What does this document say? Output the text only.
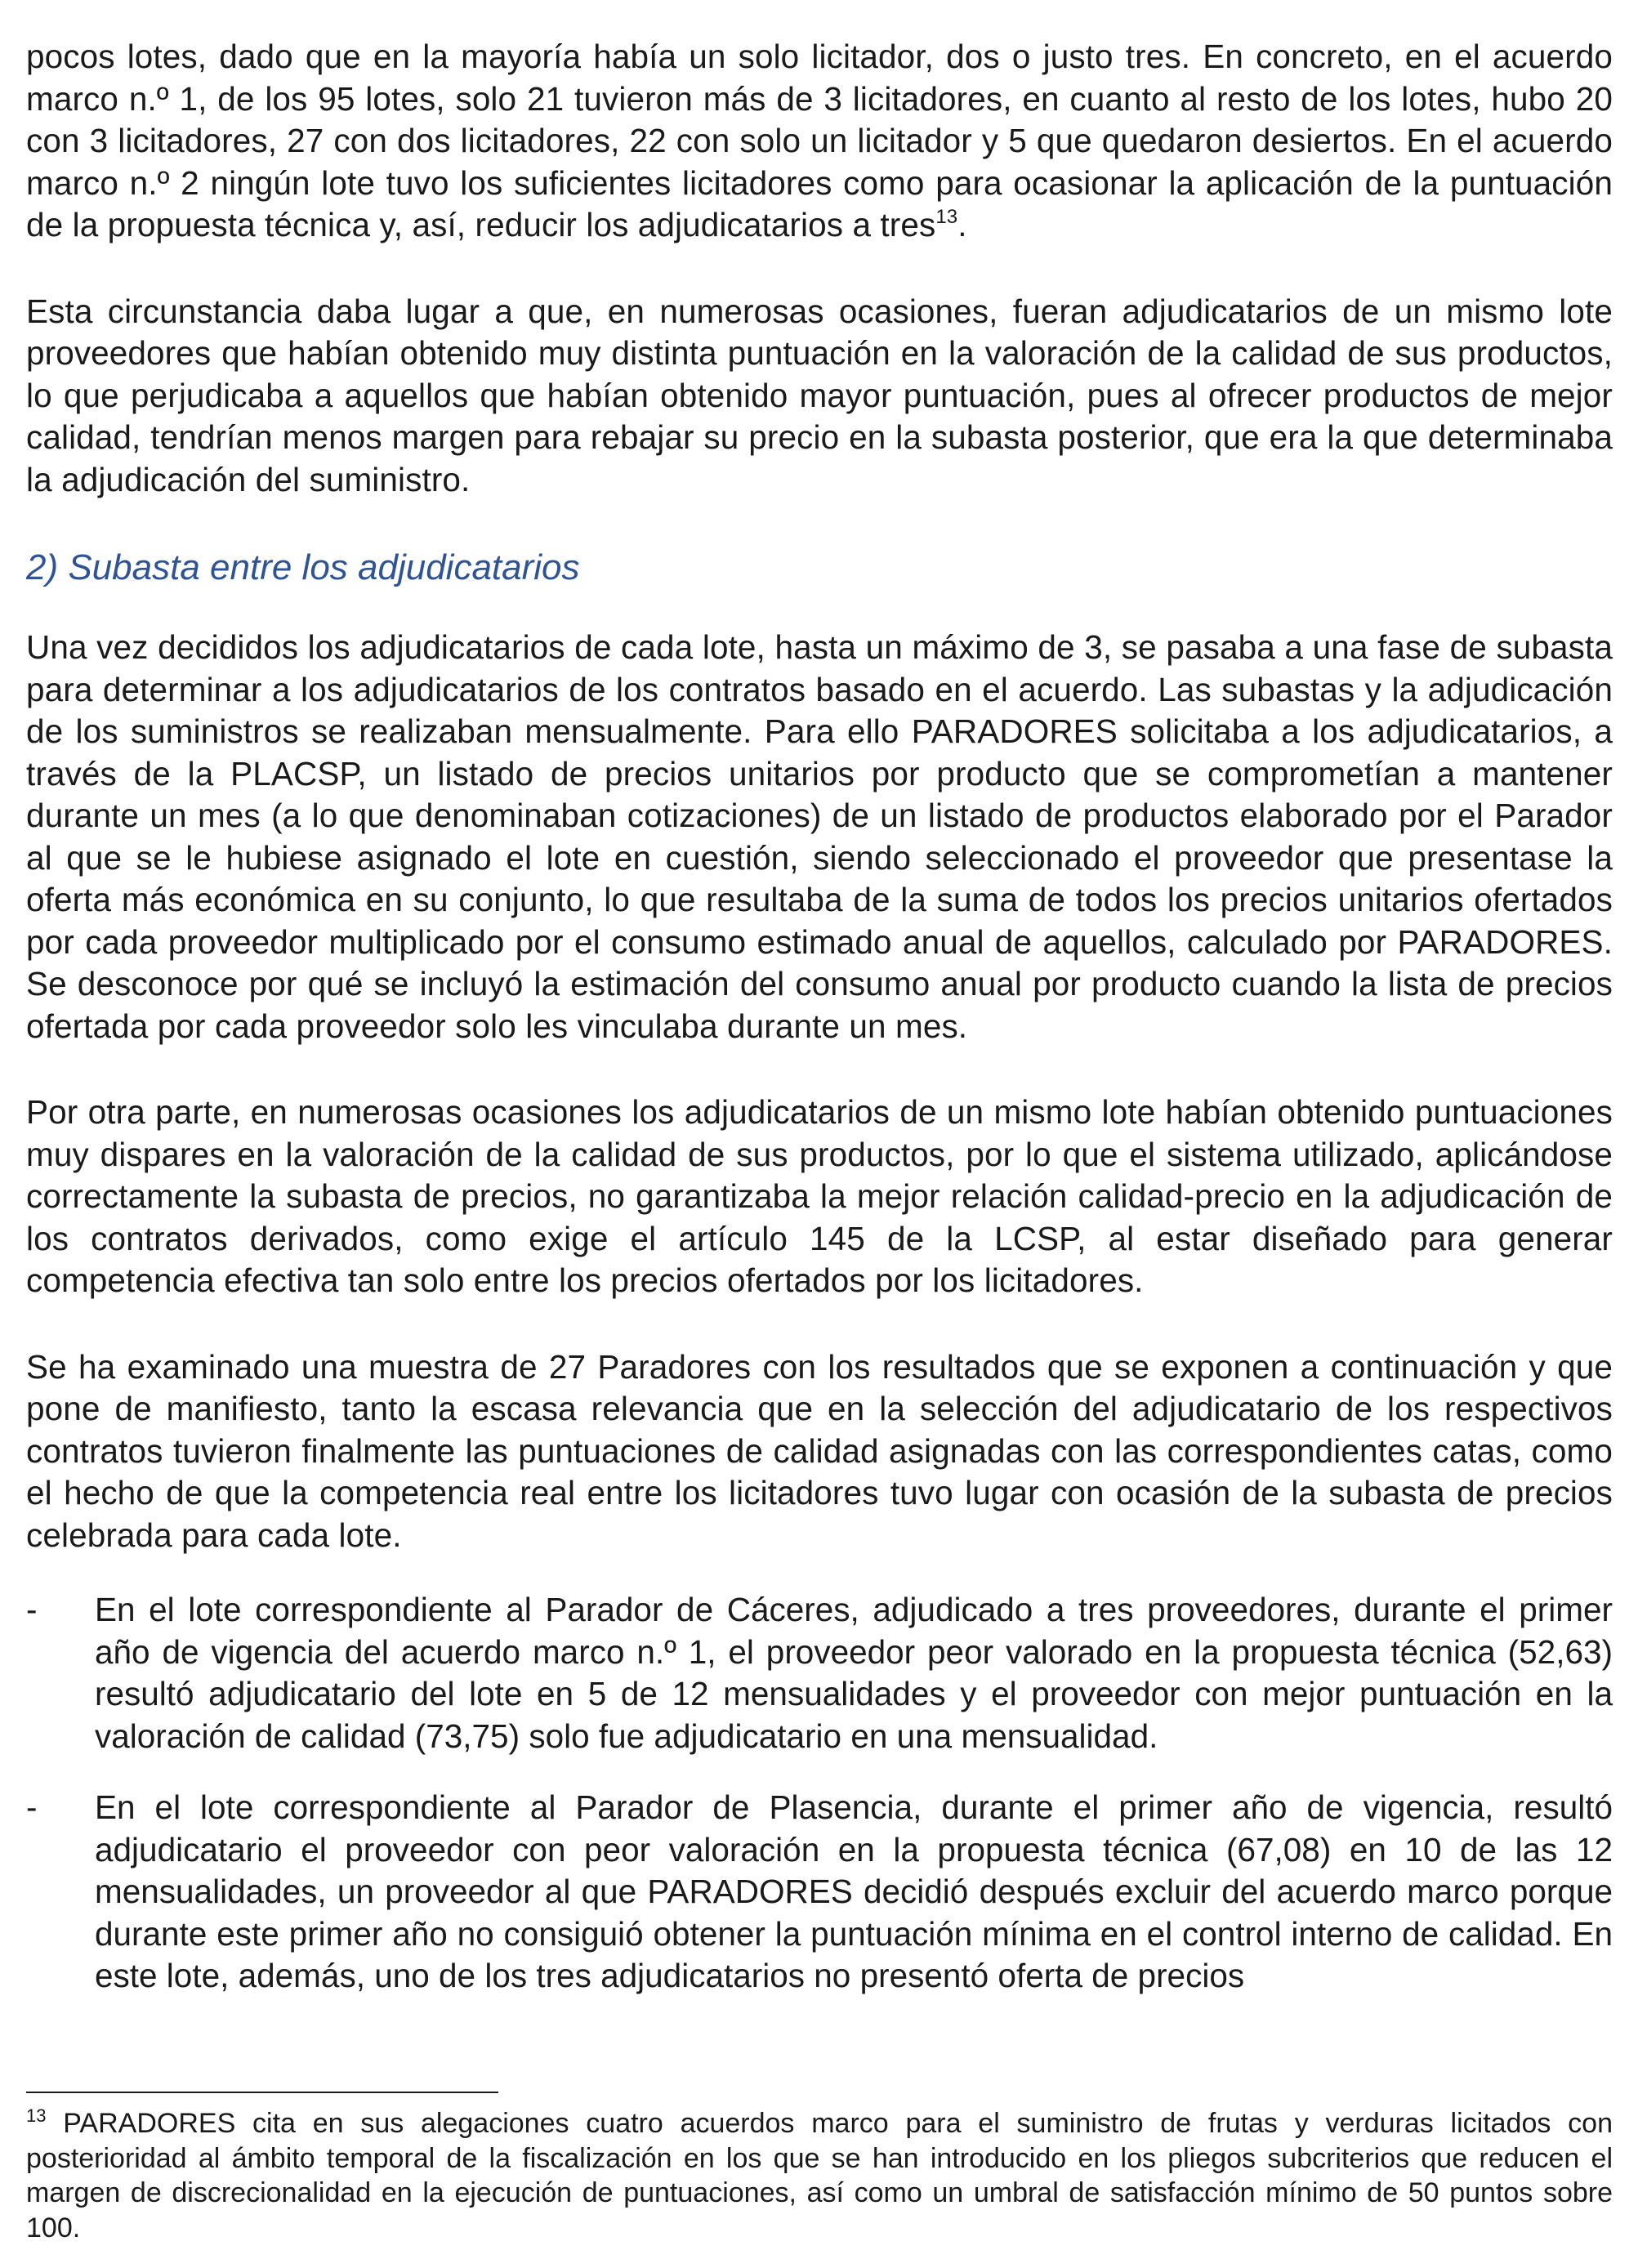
pocos lotes, dado que en la mayoría había un solo licitador, dos o justo tres. En concreto, en el acuerdo marco n.º 1, de los 95 lotes, solo 21 tuvieron más de 3 licitadores, en cuanto al resto de los lotes, hubo 20 con 3 licitadores, 27 con dos licitadores, 22 con solo un licitador y 5 que quedaron desiertos. En el acuerdo marco n.º 2 ningún lote tuvo los suficientes licitadores como para ocasionar la aplicación de la puntuación de la propuesta técnica y, así, reducir los adjudicatarios a tres$^{13}$.

Esta circunstancia daba lugar a que, en numerosas ocasiones, fueran adjudicatarios de un mismo lote proveedores que habían obtenido muy distinta puntuación en la valoración de la calidad de sus productos, lo que perjudicaba a aquellos que habían obtenido mayor puntuación, pues al ofrecer productos de mejor calidad, tendrían menos margen para rebajar su precio en la subasta posterior, que era la que determinaba la adjudicación del suministro.

2) Subasta entre los adjudicatarios

Una vez decididos los adjudicatarios de cada lote, hasta un máximo de 3, se pasaba a una fase de subasta para determinar a los adjudicatarios de los contratos basado en el acuerdo. Las subastas y la adjudicación de los suministros se realizaban mensualmente. Para ello PARADORES solicitaba a los adjudicatarios, a través de la PLACSP, un listado de precios unitarios por producto que se comprometían a mantener durante un mes (a lo que denominaban cotizaciones) de un listado de productos elaborado por el Parador al que se le hubiese asignado el lote en cuestión, siendo seleccionado el proveedor que presentase la oferta más económica en su conjunto, lo que resultaba de la suma de todos los precios unitarios ofertados por cada proveedor multiplicado por el consumo estimado anual de aquellos, calculado por PARADORES. Se desconoce por qué se incluyó la estimación del consumo anual por producto cuando la lista de precios ofertada por cada proveedor solo les vinculaba durante un mes.

Por otra parte, en numerosas ocasiones los adjudicatarios de un mismo lote habían obtenido puntuaciones muy dispares en la valoración de la calidad de sus productos, por lo que el sistema utilizado, aplicándose correctamente la subasta de precios, no garantizaba la mejor relación calidad-precio en la adjudicación de los contratos derivados, como exige el artículo 145 de la LCSP, al estar diseñado para generar competencia efectiva tan solo entre los precios ofertados por los licitadores.

Se ha examinado una muestra de 27 Paradores con los resultados que se exponen a continuación y que pone de manifiesto, tanto la escasa relevancia que en la selección del adjudicatario de los respectivos contratos tuvieron finalmente las puntuaciones de calidad asignadas con las correspondientes catas, como el hecho de que la competencia real entre los licitadores tuvo lugar con ocasión de la subasta de precios celebrada para cada lote.

- En el lote correspondiente al Parador de Cáceres, adjudicado a tres proveedores, durante el primer año de vigencia del acuerdo marco n.º 1, el proveedor peor valorado en la propuesta técnica (52,63) resultó adjudicatario del lote en 5 de 12 mensualidades y el proveedor con mejor puntuación en la valoración de calidad (73,75) solo fue adjudicatario en una mensualidad.
- En el lote correspondiente al Parador de Plasencia, durante el primer año de vigencia, resultó adjudicatario el proveedor con peor valoración en la propuesta técnica (67,08) en 10 de las 12 mensualidades, un proveedor al que PARADORES decidió después excluir del acuerdo marco porque durante este primer año no consiguió obtener la puntuación mínima en el control interno de calidad. En este lote, además, uno de los tres adjudicatarios no presentó oferta de precios
$^{13}$ PARADORES cita en sus alegaciones cuatro acuerdos marco para el suministro de frutas y verduras licitados con posterioridad al ámbito temporal de la fiscalización en los que se han introducido en los pliegos subcriterios que reducen el margen de discrecionalidad en la ejecución de puntuaciones, así como un umbral de satisfacción mínimo de 50 puntos sobre 100.
